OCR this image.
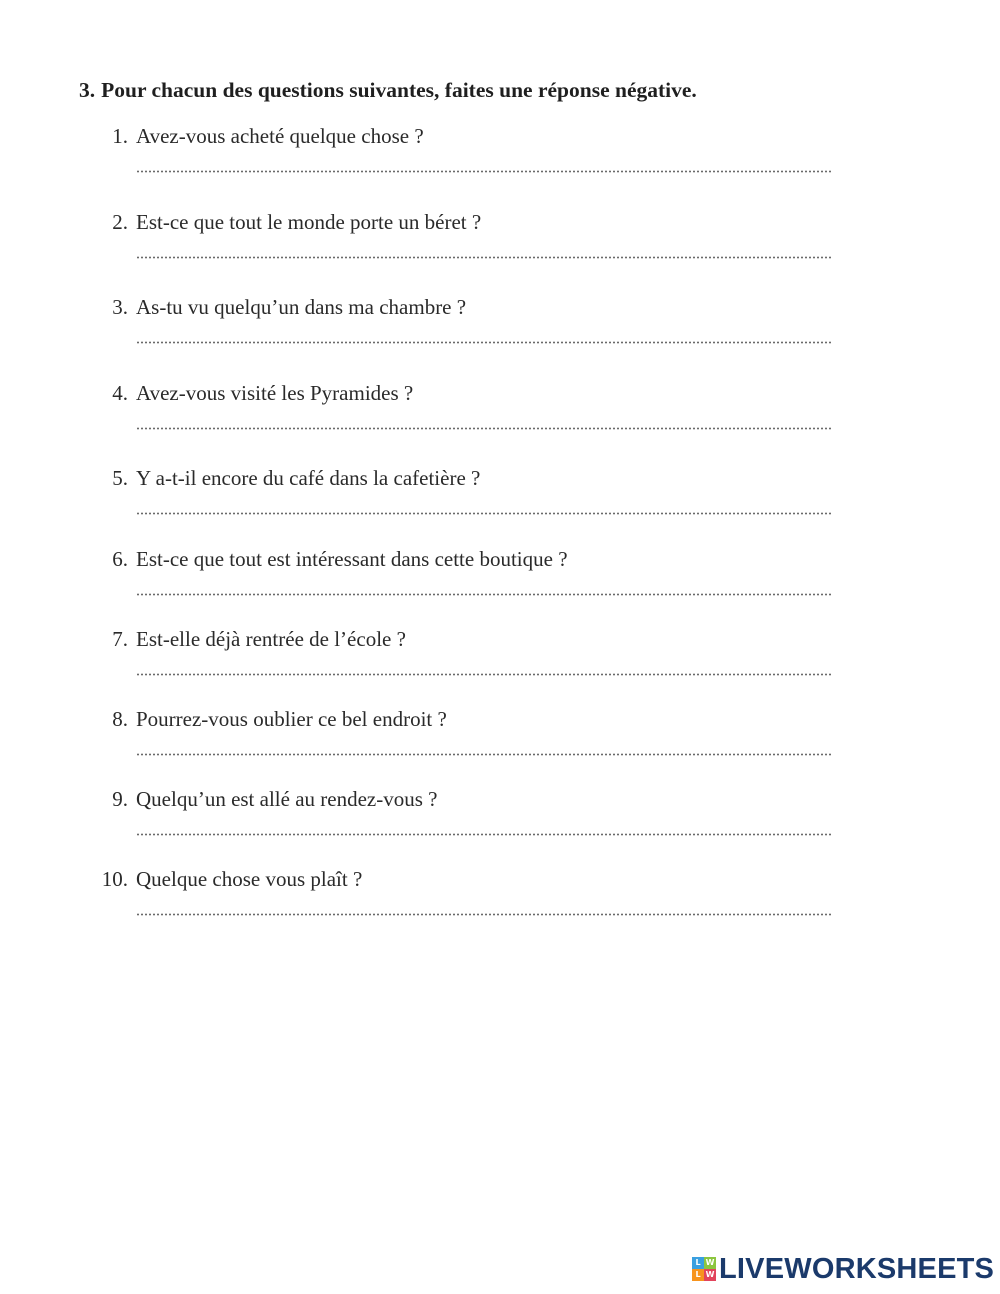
3. Pour chacun des questions suivantes, faites une réponse négative.
1. Avez-vous acheté quelque chose ?
2. Est-ce que tout le monde porte un béret ?
3. As-tu vu quelqu’un dans ma chambre ?
4. Avez-vous visité les Pyramides ?
5. Y a-t-il encore du café dans la cafetière ?
6. Est-ce que tout est intéressant dans cette boutique ?
7. Est-elle déjà rentrée de l’école ?
8. Pourrez-vous oublier ce bel endroit ?
9. Quelqu’un est allé au rendez-vous ?
10. Quelque chose vous plaît ?
L W
L W LIVEWORKSHEETS
